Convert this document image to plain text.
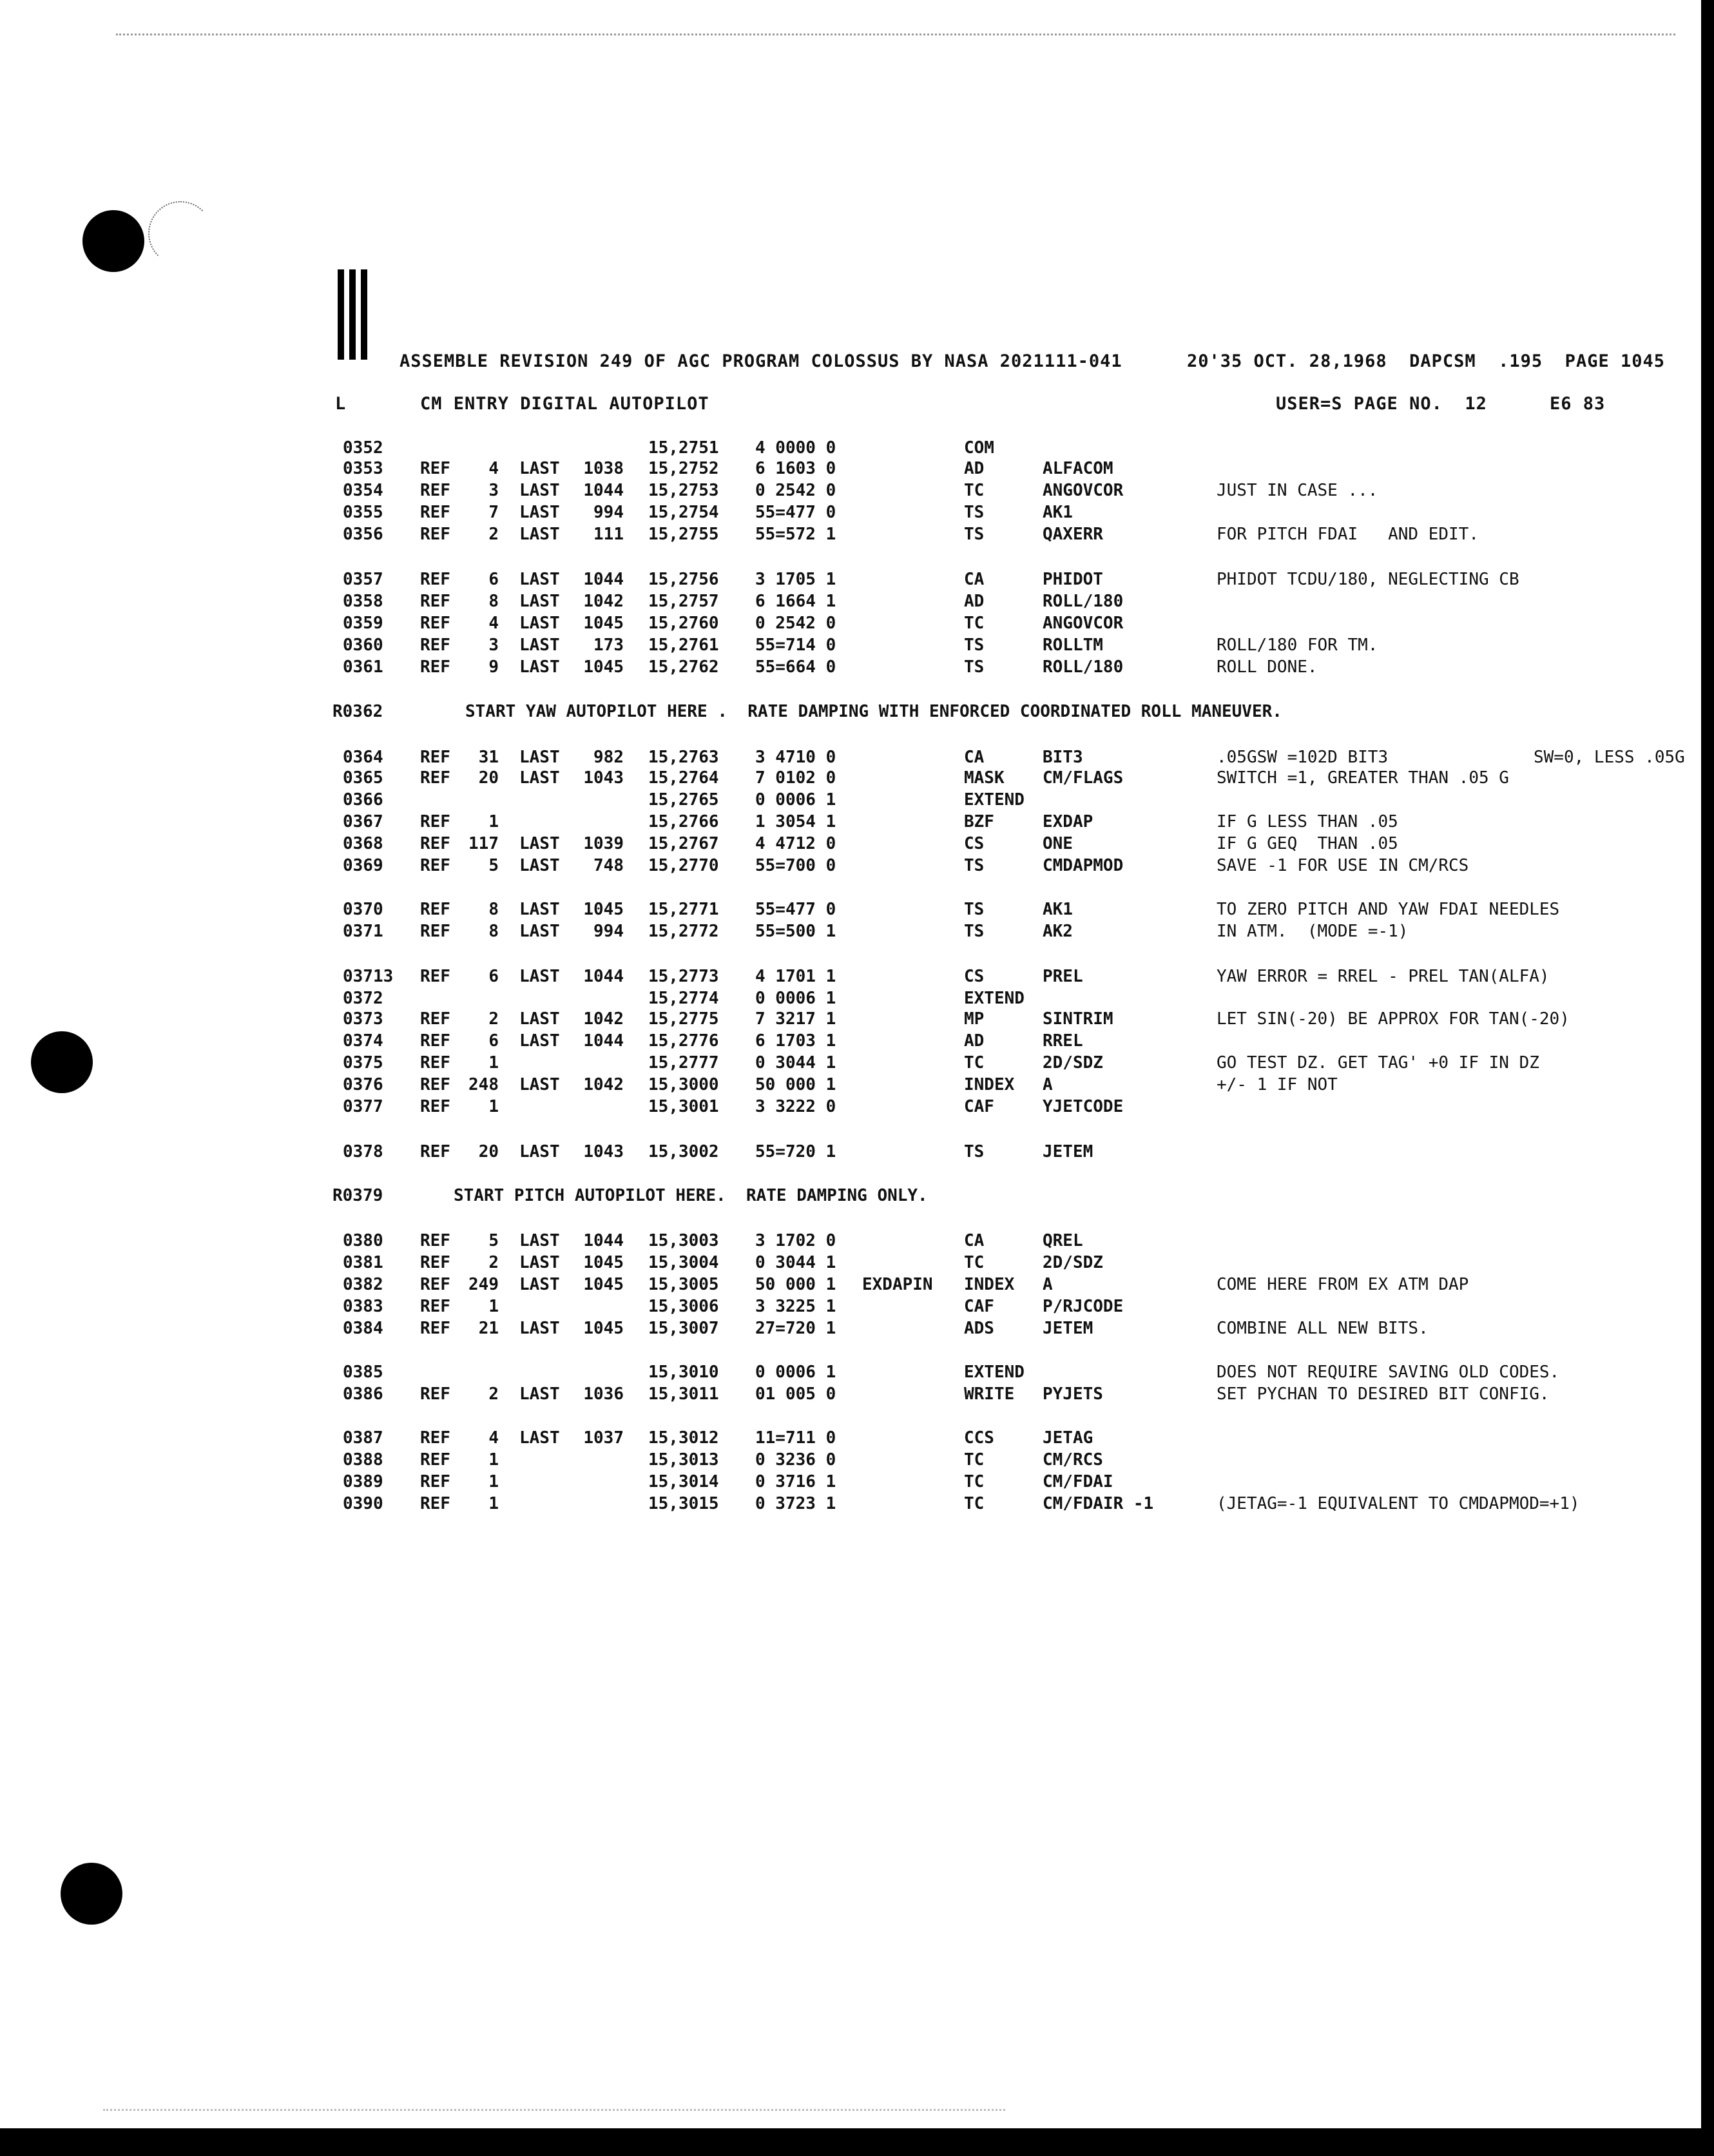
ASSEMBLE REVISION 249 OF AGC PROGRAM COLOSSUS BY NASA 2021111-041	20'35 OCT. 28,1968  DAPCSM  .195  PAGE 1045
L	CM ENTRY DIGITAL AUTOPILOT	USER=S PAGE NO.  12	E6 83
R0362	START YAW AUTOPILOT HERE .  RATE DAMPING WITH ENFORCED COORDINATED ROLL MANEUVER.
R0379	START PITCH AUTOPILOT HERE.  RATE DAMPING ONLY.
0352	15,2751 4 0000 0	COM
0353 REF	4 LAST	1038 15,2752 6 1603 0	AD	ALFACOM
0354 REF	3 LAST	1044 15,2753 0 2542 0	TC	ANGOVCOR	JUST IN CASE ...
0355 REF	7 LAST	994 15,2754 55=477 0	TS	AK1
0356 REF	2 LAST	111 15,2755 55=572 1	TS	QAXERR	FOR PITCH FDAI   AND EDIT.
0357 REF	6 LAST	1044 15,2756 3 1705 1	CA	PHIDOT	PHIDOT TCDU/180, NEGLECTING CB
0358 REF	8 LAST	1042 15,2757 6 1664 1	AD	ROLL/180
0359 REF	4 LAST	1045 15,2760 0 2542 0	TC	ANGOVCOR
0360 REF	3 LAST	173 15,2761 55=714 0	TS	ROLLTM	ROLL/180 FOR TM.
0361 REF	9 LAST	1045 15,2762 55=664 0	TS	ROLL/180	ROLL DONE.
0364 REF	31 LAST	982 15,2763 3 4710 0	CA	BIT3	.05GSW =102D BIT3	SW=0, LESS .05G
0365 REF	20 LAST	1043 15,2764 7 0102 0	MASK CM/FLAGS	SWITCH =1, GREATER THAN .05 G
0366	15,2765 0 0006 1	EXTEND
0367 REF	1	15,2766 1 3054 1	BZF	EXDAP	IF G LESS THAN .05
0368 REF	117 LAST	1039 15,2767 4 4712 0	CS	ONE	IF G GEQ  THAN .05
0369 REF	5 LAST	748 15,2770 55=700 0	TS	CMDAPMOD	SAVE -1 FOR USE IN CM/RCS
0370 REF	8 LAST	1045 15,2771 55=477 0	TS	AK1	TO ZERO PITCH AND YAW FDAI NEEDLES
0371 REF	8 LAST	994 15,2772 55=500 1	TS	AK2	IN ATM.  (MODE =-1)
03713 REF	6 LAST	1044 15,2773 4 1701 1	CS	PREL	YAW ERROR = RREL - PREL TAN(ALFA)
0372	15,2774 0 0006 1	EXTEND
0373 REF	2 LAST	1042 15,2775 7 3217 1	MP	SINTRIM	LET SIN(-20) BE APPROX FOR TAN(-20)
0374 REF	6 LAST	1044 15,2776 6 1703 1	AD	RREL
0375 REF	1	15,2777 0 3044 1	TC	2D/SDZ	GO TEST DZ. GET TAG' +0 IF IN DZ
0376 REF	248 LAST	1042 15,3000 50 000 1	INDEX A	+/- 1 IF NOT
0377 REF	1	15,3001 3 3222 0	CAF	YJETCODE
0378 REF	20 LAST	1043 15,3002 55=720 1	TS	JETEM
0380 REF	5 LAST	1044 15,3003 3 1702 0	CA	QREL
0381 REF	2 LAST	1045 15,3004 0 3044 1	TC	2D/SDZ
0382 REF	249 LAST	1045 15,3005 50 000 1 EXDAPIN INDEX A	COME HERE FROM EX ATM DAP
0383 REF	1	15,3006 3 3225 1	CAF	P/RJCODE
0384 REF	21 LAST	1045 15,3007 27=720 1	ADS	JETEM	COMBINE ALL NEW BITS.
0385	15,3010 0 0006 1	EXTEND	DOES NOT REQUIRE SAVING OLD CODES.
0386 REF	2 LAST	1036 15,3011 01 005 0	WRITE PYJETS	SET PYCHAN TO DESIRED BIT CONFIG.
0387 REF	4 LAST	1037 15,3012 11=711 0	CCS	JETAG
0388 REF	1	15,3013 0 3236 0	TC	CM/RCS
0389 REF	1	15,3014 0 3716 1	TC	CM/FDAI
0390 REF	1	15,3015 0 3723 1	TC	CM/FDAIR -1	(JETAG=-1 EQUIVALENT TO CMDAPMOD=+1)
